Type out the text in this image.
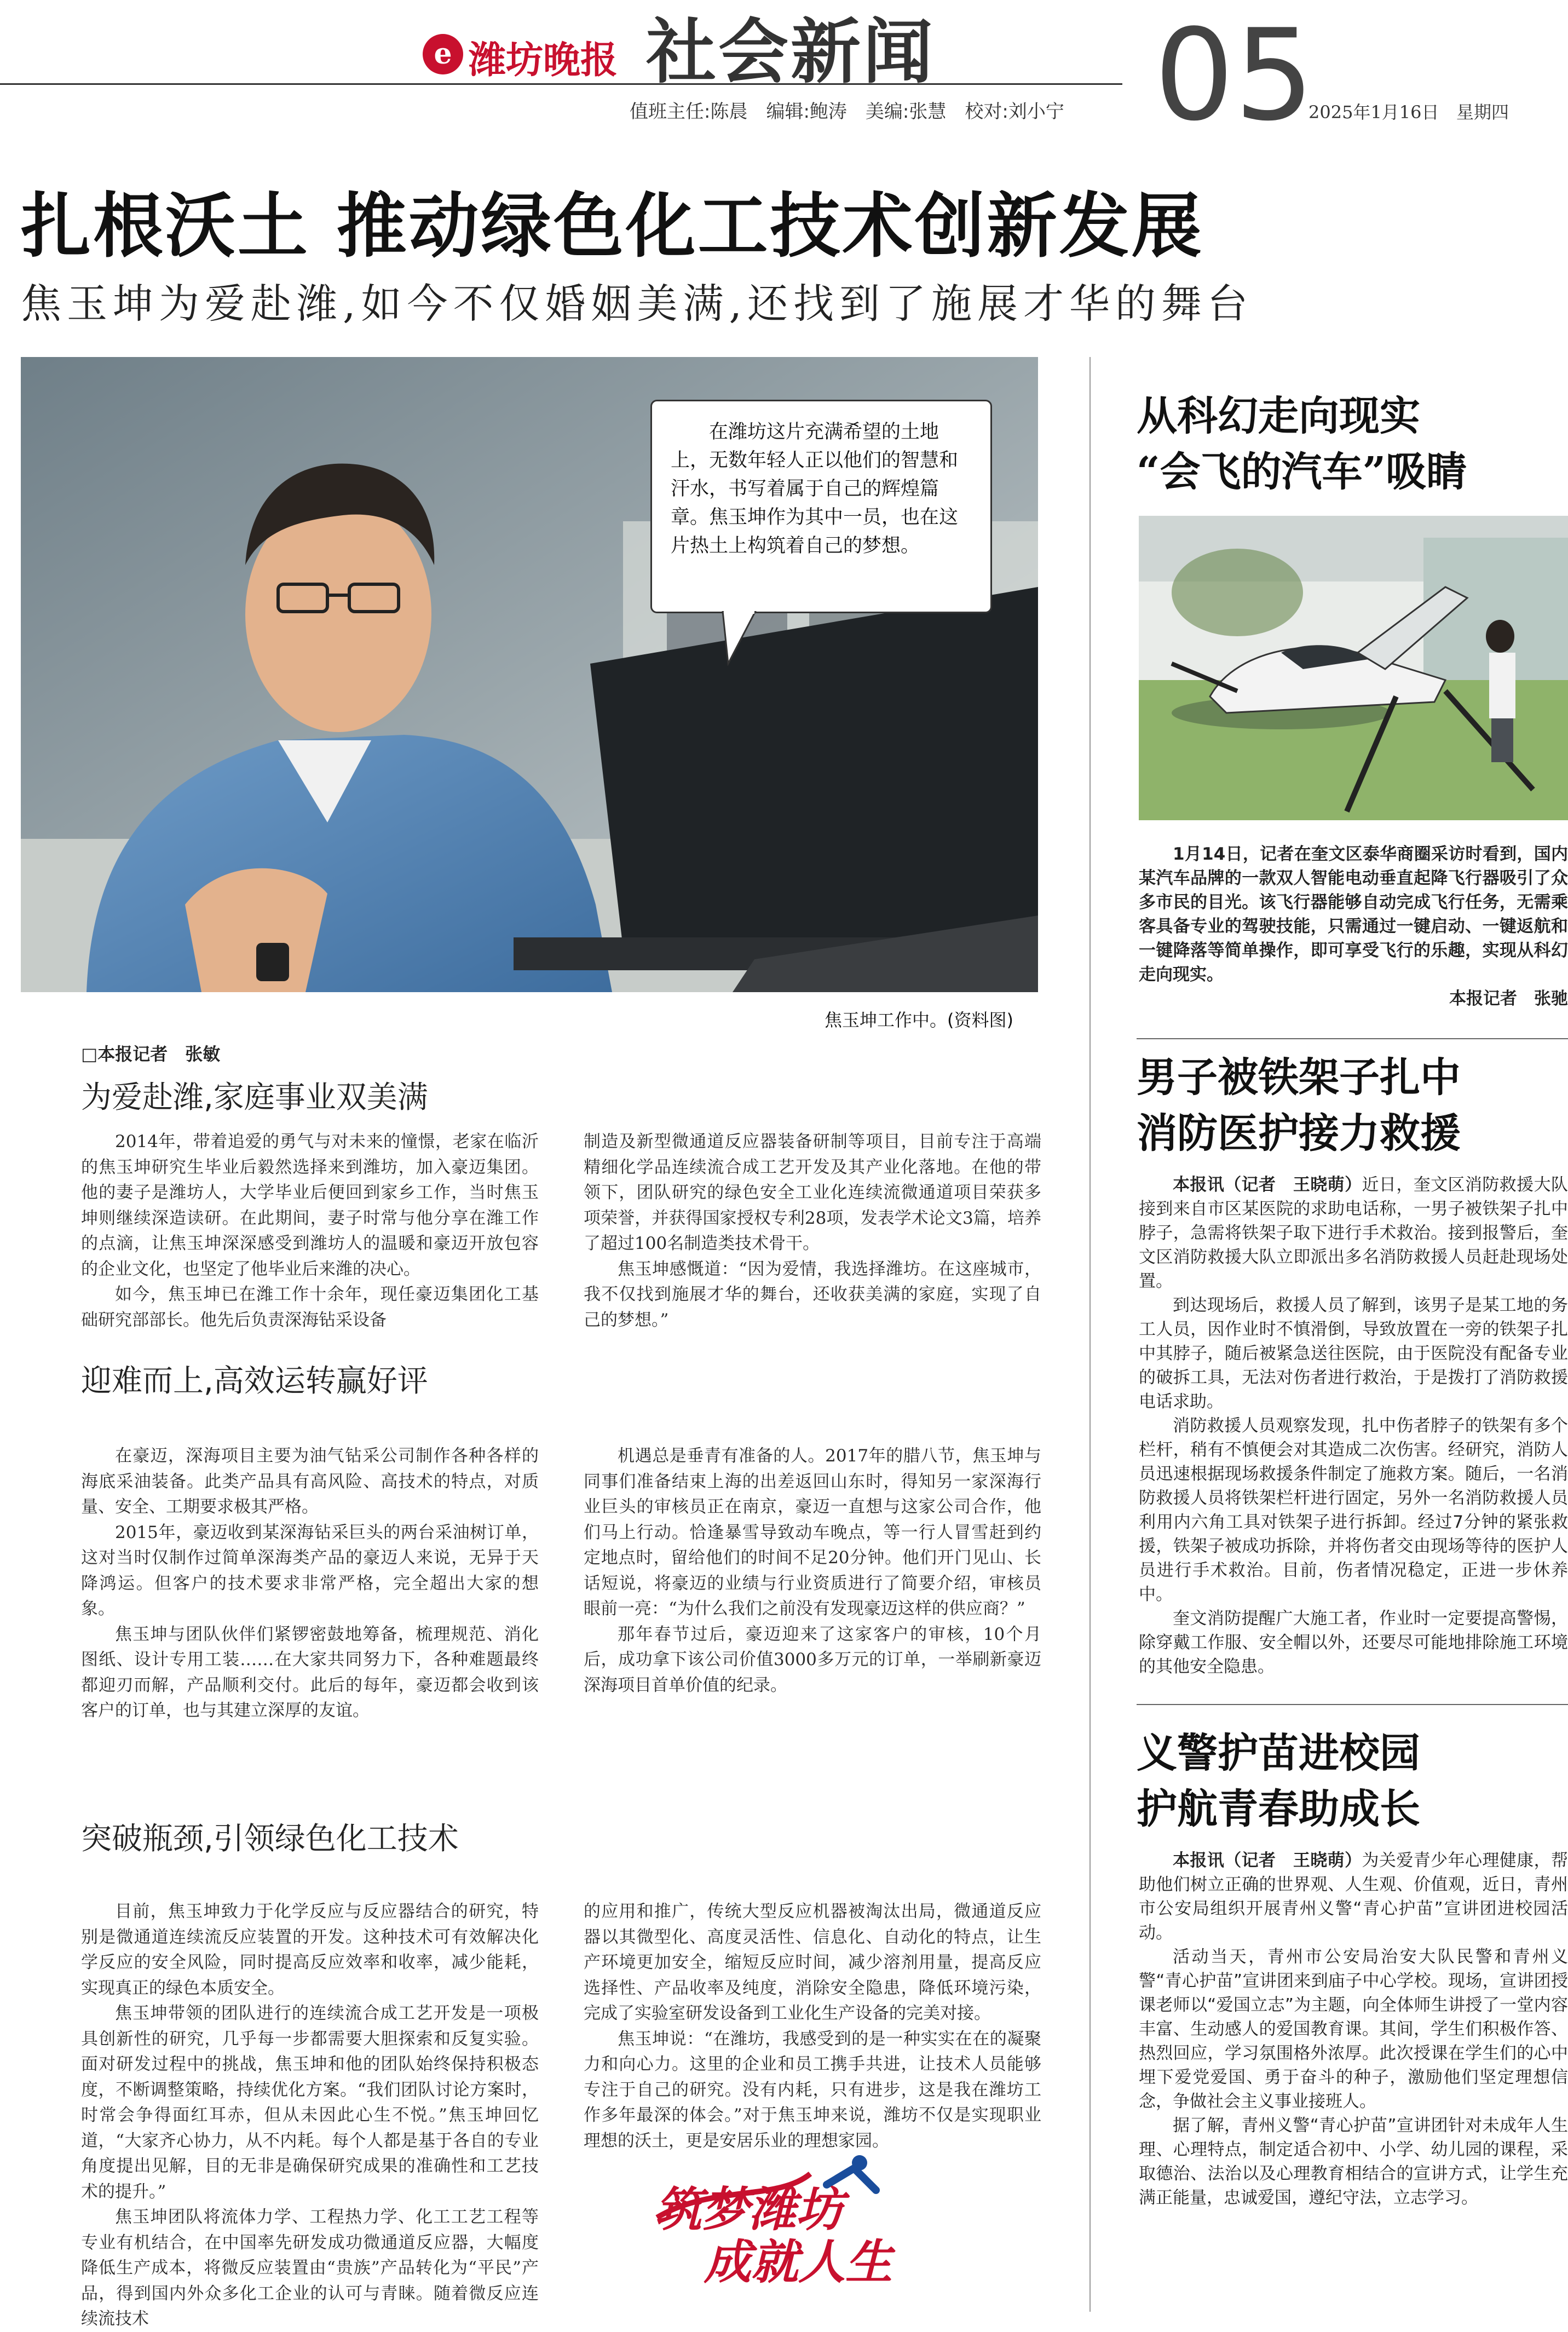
e 潍坊晚报 社会新闻 05
值班主任:陈晨　编辑:鲍涛　美编:张慧　校对:刘小宁	2025年1月16日 星期四
扎根沃土 推动绿色化工技术创新发展
焦玉坤为爱赴潍,如今不仅婚姻美满,还找到了施展才华的舞台
在潍坊这片充满希望的土地上，无数年轻人正以他们的智慧和汗水，书写着属于自己的辉煌篇章。焦玉坤作为其中一员，也在这片热土上构筑着自己的梦想。
焦玉坤工作中。(资料图)
□本报记者　张敏
为爱赴潍,家庭事业双美满

2014年，带着追爱的勇气与对未来的憧憬，老家在临沂的焦玉坤研究生毕业后毅然选择来到潍坊，加入豪迈集团。他的妻子是潍坊人，大学毕业后便回到家乡工作，当时焦玉坤则继续深造读研。在此期间，妻子时常与他分享在潍工作的点滴，让焦玉坤深深感受到潍坊人的温暖和豪迈开放包容的企业文化，也坚定了他毕业后来潍的决心。

如今，焦玉坤已在潍工作十余年，现任豪迈集团化工基础研究部部长。他先后负责深海钻采设备

制造及新型微通道反应器装备研制等项目，目前专注于高端精细化学品连续流合成工艺开发及其产业化落地。在他的带领下，团队研究的绿色安全工业化连续流微通道项目荣获多项荣誉，并获得国家授权专利28项，发表学术论文3篇，培养了超过100名制造类技术骨干。

焦玉坤感慨道：“因为爱情，我选择潍坊。在这座城市，我不仅找到施展才华的舞台，还收获美满的家庭，实现了自己的梦想。”

迎难而上,高效运转赢好评

在豪迈，深海项目主要为油气钻采公司制作各种各样的海底采油装备。此类产品具有高风险、高技术的特点，对质量、安全、工期要求极其严格。

2015年，豪迈收到某深海钻采巨头的两台采油树订单，这对当时仅制作过简单深海类产品的豪迈人来说，无异于天降鸿运。但客户的技术要求非常严格，完全超出大家的想象。

焦玉坤与团队伙伴们紧锣密鼓地筹备，梳理规范、消化图纸、设计专用工装……在大家共同努力下，各种难题最终都迎刃而解，产品顺利交付。此后的每年，豪迈都会收到该客户的订单，也与其建立深厚的友谊。

机遇总是垂青有准备的人。2017年的腊八节，焦玉坤与同事们准备结束上海的出差返回山东时，得知另一家深海行业巨头的审核员正在南京，豪迈一直想与这家公司合作，他们马上行动。恰逢暴雪导致动车晚点，等一行人冒雪赶到约定地点时，留给他们的时间不足20分钟。他们开门见山、长话短说，将豪迈的业绩与行业资质进行了简要介绍，审核员眼前一亮：“为什么我们之前没有发现豪迈这样的供应商？”

那年春节过后，豪迈迎来了这家客户的审核，10个月后，成功拿下该公司价值3000多万元的订单，一举刷新豪迈深海项目首单价值的纪录。

突破瓶颈,引领绿色化工技术

目前，焦玉坤致力于化学反应与反应器结合的研究，特别是微通道连续流反应装置的开发。这种技术可有效解决化学反应的安全风险，同时提高反应效率和收率，减少能耗，实现真正的绿色本质安全。

焦玉坤带领的团队进行的连续流合成工艺开发是一项极具创新性的研究，几乎每一步都需要大胆探索和反复实验。面对研发过程中的挑战，焦玉坤和他的团队始终保持积极态度，不断调整策略，持续优化方案。“我们团队讨论方案时，时常会争得面红耳赤，但从未因此心生不悦。”焦玉坤回忆道，“大家齐心协力，从不内耗。每个人都是基于各自的专业角度提出见解，目的无非是确保研究成果的准确性和工艺技术的提升。”

焦玉坤团队将流体力学、工程热力学、化工工艺工程等专业有机结合，在中国率先研发成功微通道反应器，大幅度降低生产成本，将微反应装置由“贵族”产品转化为“平民”产品，得到国内外众多化工企业的认可与青睐。随着微反应连续流技术

的应用和推广，传统大型反应机器被淘汰出局，微通道反应器以其微型化、高度灵活性、信息化、自动化的特点，让生产环境更加安全，缩短反应时间，减少溶剂用量，提高反应选择性、产品收率及纯度，消除安全隐患，降低环境污染，完成了实验室研发设备到工业化生产设备的完美对接。

焦玉坤说：“在潍坊，我感受到的是一种实实在在的凝聚力和向心力。这里的企业和员工携手共进，让技术人员能够专注于自己的研究。没有内耗，只有进步，这是我在潍坊工作多年最深的体会。”对于焦玉坤来说，潍坊不仅是实现职业理想的沃土，更是安居乐业的理想家园。

筑梦潍坊
成就人生
从科幻走向现实
“会飞的汽车”吸睛

1月14日，记者在奎文区泰华商圈采访时看到，国内某汽车品牌的一款双人智能电动垂直起降飞行器吸引了众多市民的目光。该飞行器能够自动完成飞行任务，无需乘客具备专业的驾驶技能，只需通过一键启动、一键返航和一键降落等简单操作，即可享受飞行的乐趣，实现从科幻走向现实。

本报记者　张驰
男子被铁架子扎中
消防医护接力救援

本报讯（记者　王晓萌）近日，奎文区消防救援大队接到来自市区某医院的求助电话称，一男子被铁架子扎中脖子，急需将铁架子取下进行手术救治。接到报警后，奎文区消防救援大队立即派出多名消防救援人员赶赴现场处置。

到达现场后，救援人员了解到，该男子是某工地的务工人员，因作业时不慎滑倒，导致放置在一旁的铁架子扎中其脖子，随后被紧急送往医院，由于医院没有配备专业的破拆工具，无法对伤者进行救治，于是拨打了消防救援电话求助。

消防救援人员观察发现，扎中伤者脖子的铁架有多个栏杆，稍有不慎便会对其造成二次伤害。经研究，消防人员迅速根据现场救援条件制定了施救方案。随后，一名消防救援人员将铁架栏杆进行固定，另外一名消防救援人员利用内六角工具对铁架子进行拆卸。经过7分钟的紧张救援，铁架子被成功拆除，并将伤者交由现场等待的医护人员进行手术救治。目前，伤者情况稳定，正进一步休养中。

奎文消防提醒广大施工者，作业时一定要提高警惕，除穿戴工作服、安全帽以外，还要尽可能地排除施工环境的其他安全隐患。

义警护苗进校园
护航青春助成长

本报讯（记者　王晓萌）为关爱青少年心理健康，帮助他们树立正确的世界观、人生观、价值观，近日，青州市公安局组织开展青州义警“青心护苗”宣讲团进校园活动。

活动当天，青州市公安局治安大队民警和青州义警“青心护苗”宣讲团来到庙子中心学校。现场，宣讲团授课老师以“爱国立志”为主题，向全体师生讲授了一堂内容丰富、生动感人的爱国教育课。其间，学生们积极作答、热烈回应，学习氛围格外浓厚。此次授课在学生们的心中埋下爱党爱国、勇于奋斗的种子，激励他们坚定理想信念，争做社会主义事业接班人。

据了解，青州义警“青心护苗”宣讲团针对未成年人生理、心理特点，制定适合初中、小学、幼儿园的课程，采取德治、法治以及心理教育相结合的宣讲方式，让学生充满正能量，忠诚爱国，遵纪守法，立志学习。
